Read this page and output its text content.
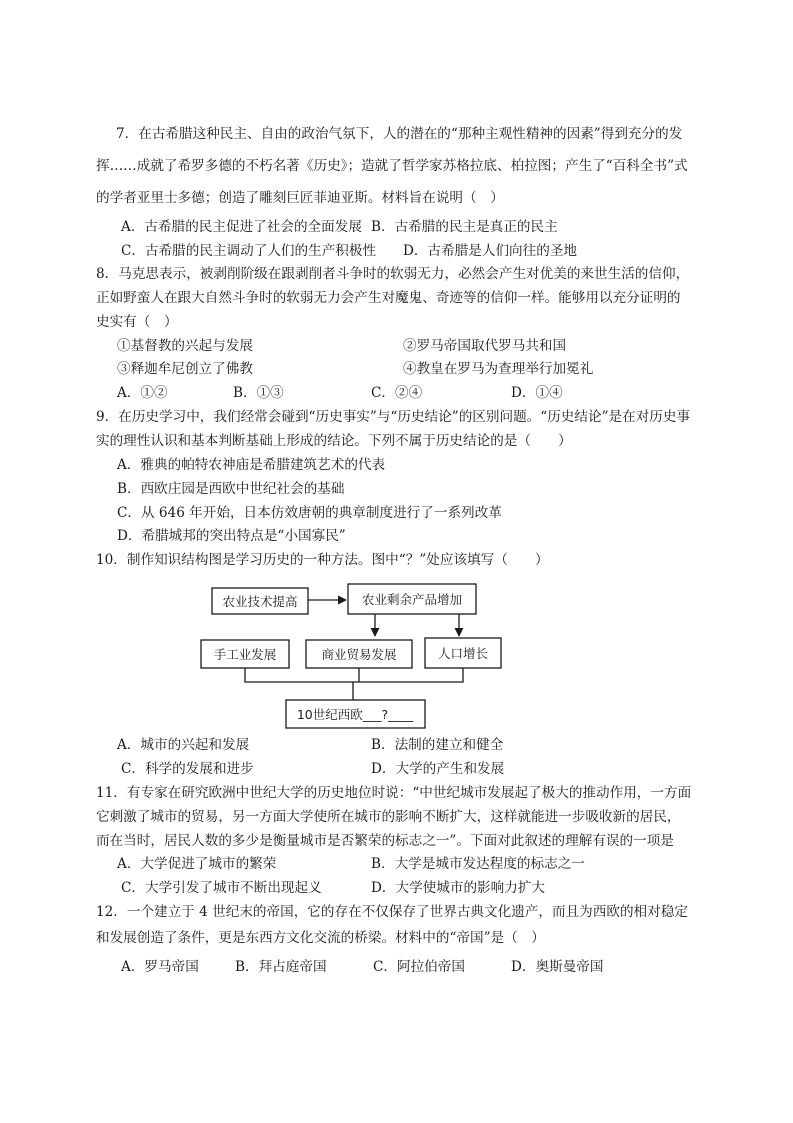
7．在古希腊这种民主、自由的政治气氛下，人的潜在的“那种主观性精神的因素”得到充分的发
挥……成就了希罗多德的不朽名著《历史》；造就了哲学家苏格拉底、柏拉图；产生了“百科全书”式
的学者亚里士多德；创造了雕刻巨匠菲迪亚斯。材料旨在说明（　）
A．古希腊的民主促进了社会的全面发展 B．古希腊的民主是真正的民主
C．古希腊的民主调动了人们的生产积极性 D．古希腊是人们向往的圣地
8．马克思表示，被剥削阶级在跟剥削者斗争时的软弱无力，必然会产生对优美的来世生活的信仰，
正如野蛮人在跟大自然斗争时的软弱无力会产生对魔鬼、奇迹等的信仰一样。能够用以充分证明的
史实有（　）
①基督教的兴起与发展	②罗马帝国取代罗马共和国
③释迦牟尼创立了佛教	④教皇在罗马为查理举行加冕礼
A．①②	B．①③	C．②④	D．①④
9．在历史学习中，我们经常会碰到“历史事实”与“历史结论”的区别问题。“历史结论”是在对历史事
实的理性认识和基本判断基础上形成的结论。下列不属于历史结论的是（　　）
A．雅典的帕特农神庙是希腊建筑艺术的代表
B．西欧庄园是西欧中世纪社会的基础
C．从 646 年开始，日本仿效唐朝的典章制度进行了一系列改革
D．希腊城邦的突出特点是“小国寡民”
10．制作知识结构图是学习历史的一种方法。图中“？”处应该填写（　　）
农业技术提高	农业剩余产品增加
手工业发展	商业贸易发展	人口增长
10世纪西欧___?____
A．城市的兴起和发展	B．法制的建立和健全
C．科学的发展和进步	D．大学的产生和发展
11．有专家在研究欧洲中世纪大学的历史地位时说：“中世纪城市发展起了极大的推动作用，一方面
它刺激了城市的贸易，另一方面大学使所在城市的影响不断扩大，这样就能进一步吸收新的居民，
而在当时，居民人数的多少是衡量城市是否繁荣的标志之一”。下面对此叙述的理解有误的一项是
A．大学促进了城市的繁荣	B．大学是城市发达程度的标志之一
C．大学引发了城市不断出现起义	D．大学使城市的影响力扩大
12．一个建立于 4 世纪末的帝国，它的存在不仅保存了世界古典文化遗产，而且为西欧的相对稳定
和发展创造了条件，更是东西方文化交流的桥梁。材料中的“帝国”是（　）
A．罗马帝国	B．拜占庭帝国	C．阿拉伯帝国	D．奥斯曼帝国
